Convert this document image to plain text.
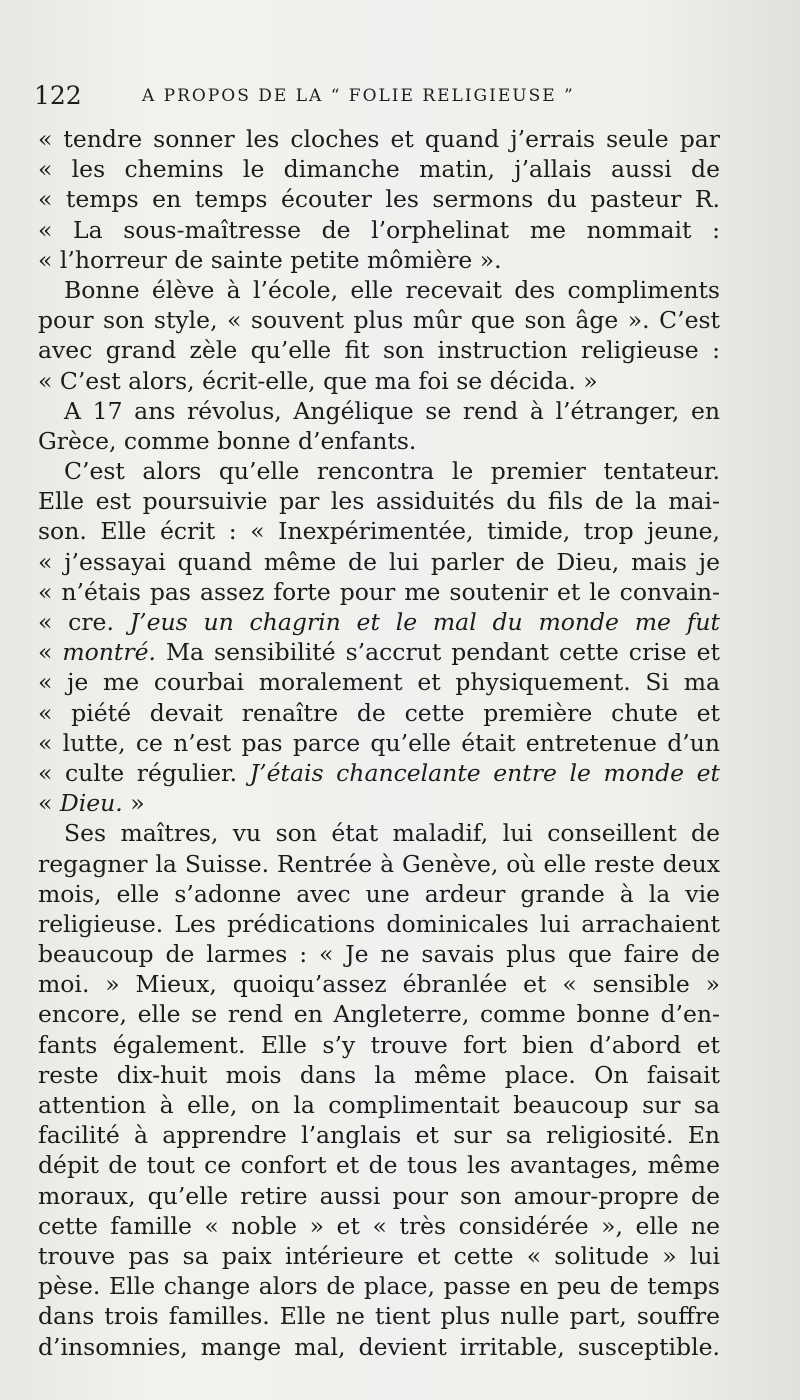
122	A PROPOS DE LA “ FOLIE RELIGIEUSE ”
« tendre sonner les cloches et quand j’errais seule par
« les chemins le dimanche matin, j’allais aussi de
« temps en temps écouter les sermons du pasteur R.
« La sous-maîtresse de l’orphelinat me nommait :
« l’horreur de sainte petite mômière ».
Bonne élève à l’école, elle recevait des compliments
pour son style, « souvent plus mûr que son âge ». C’est
avec grand zèle qu’elle fit son instruction religieuse :
« C’est alors, écrit-elle, que ma foi se décida. »
A 17 ans révolus, Angélique se rend à l’étranger, en
Grèce, comme bonne d’enfants.
C’est alors qu’elle rencontra le premier tentateur.
Elle est poursuivie par les assiduités du fils de la mai-
son. Elle écrit : « Inexpérimentée, timide, trop jeune,
« j’essayai quand même de lui parler de Dieu, mais je
« n’étais pas assez forte pour me soutenir et le convain-
« cre. J’eus un chagrin et le mal du monde me fut
« montré. Ma sensibilité s’accrut pendant cette crise et
« je me courbai moralement et physiquement. Si ma
« piété devait renaître de cette première chute et
« lutte, ce n’est pas parce qu’elle était entretenue d’un
« culte régulier. J’étais chancelante entre le monde et
« Dieu. »
Ses maîtres, vu son état maladif, lui conseillent de
regagner la Suisse. Rentrée à Genève, où elle reste deux
mois, elle s’adonne avec une ardeur grande à la vie
religieuse. Les prédications dominicales lui arrachaient
beaucoup de larmes : « Je ne savais plus que faire de
moi. » Mieux, quoiqu’assez ébranlée et « sensible »
encore, elle se rend en Angleterre, comme bonne d’en-
fants également. Elle s’y trouve fort bien d’abord et
reste dix-huit mois dans la même place. On faisait
attention à elle, on la complimentait beaucoup sur sa
facilité à apprendre l’anglais et sur sa religiosité. En
dépit de tout ce confort et de tous les avantages, même
moraux, qu’elle retire aussi pour son amour-propre de
cette famille « noble » et « très considérée », elle ne
trouve pas sa paix intérieure et cette « solitude » lui
pèse. Elle change alors de place, passe en peu de temps
dans trois familles. Elle ne tient plus nulle part, souffre
d’insomnies, mange mal, devient irritable, susceptible.
